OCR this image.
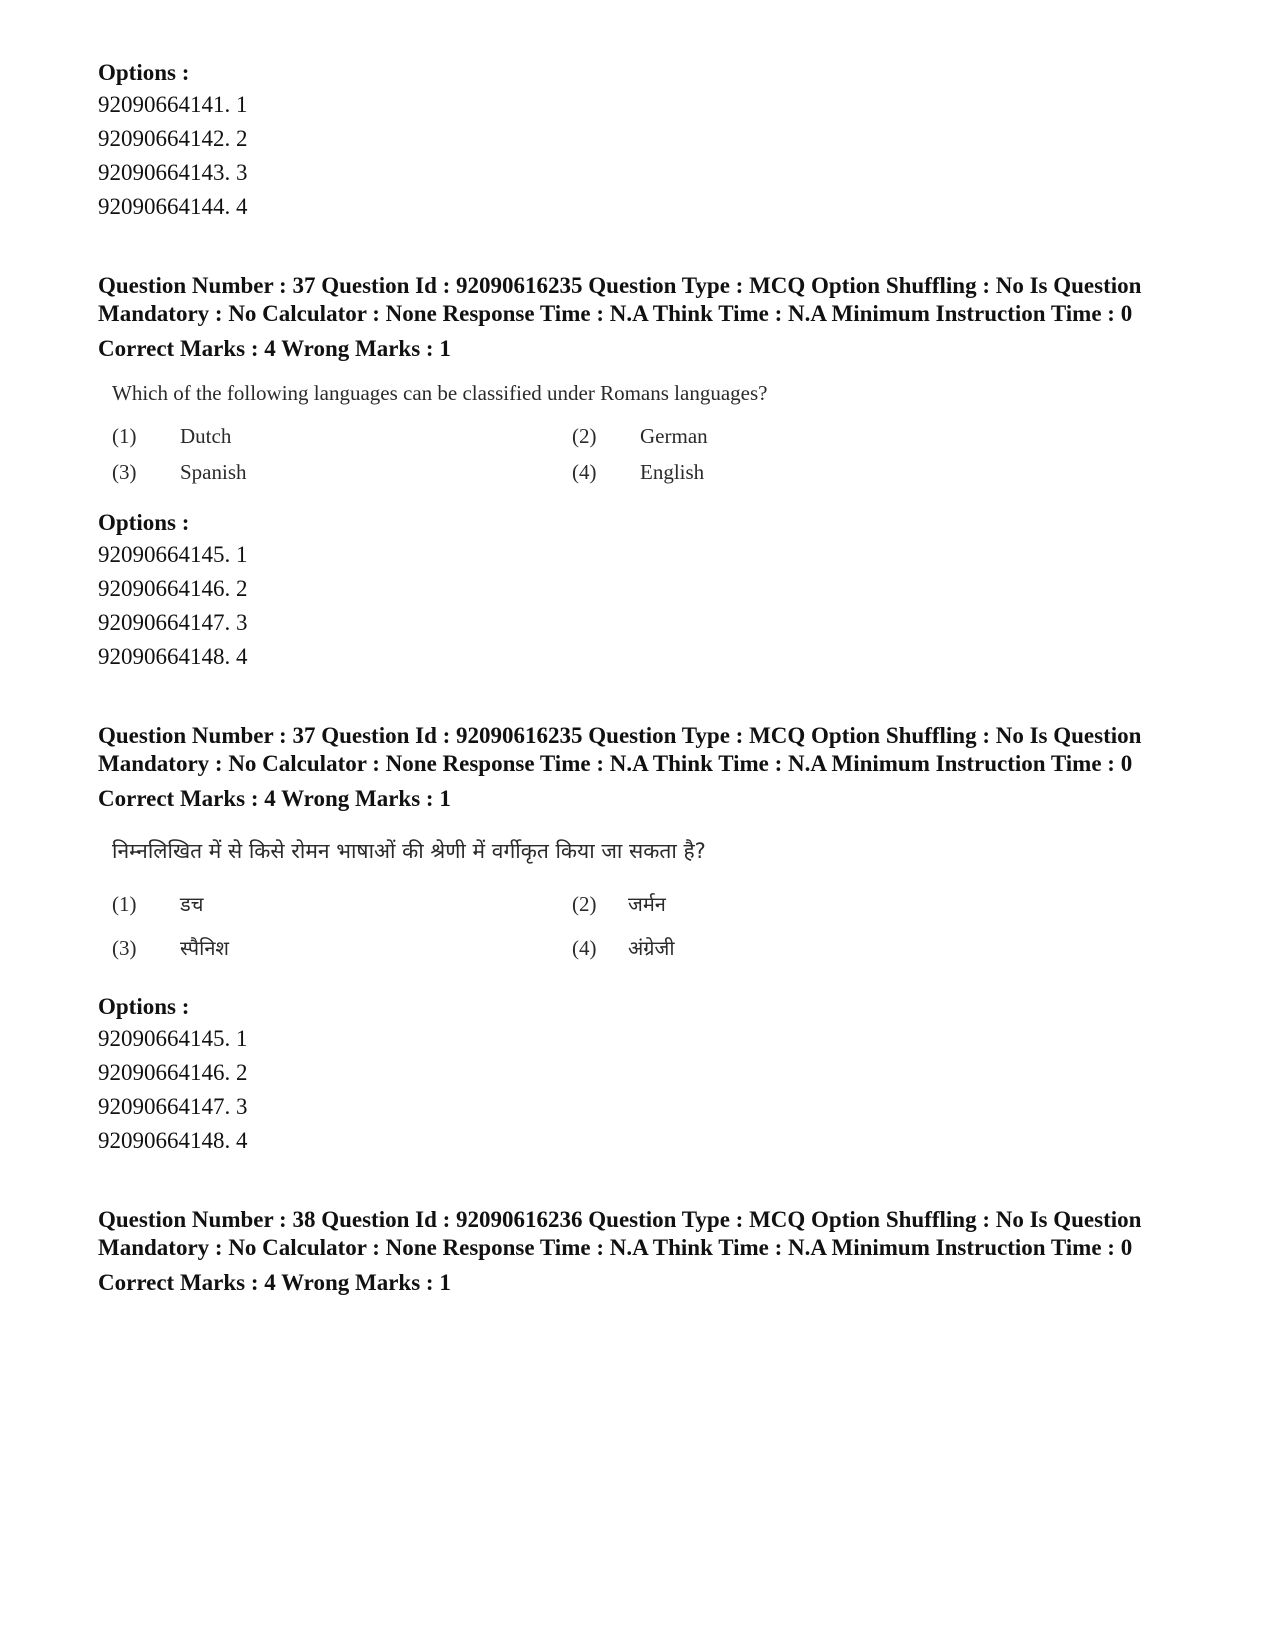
Options :
92090664141. 1
92090664142. 2
92090664143. 3
92090664144. 4
Question Number : 37 Question Id : 92090616235 Question Type : MCQ Option Shuffling : No Is Question Mandatory : No Calculator : None Response Time : N.A Think Time : N.A Minimum Instruction Time : 0
Correct Marks : 4 Wrong Marks : 1
Which of the following languages can be classified under Romans languages?
(1)	Dutch	(2)	German
(3)	Spanish	(4)	English
Options :
92090664145. 1
92090664146. 2
92090664147. 3
92090664148. 4
Question Number : 37 Question Id : 92090616235 Question Type : MCQ Option Shuffling : No Is Question Mandatory : No Calculator : None Response Time : N.A Think Time : N.A Minimum Instruction Time : 0
Correct Marks : 4 Wrong Marks : 1
निम्नलिखित में से किसे रोमन भाषाओं की श्रेणी में वर्गीकृत किया जा सकता है?
(1)	डच	(2)	जर्मन
(3)	स्पैनिश	(4)	अंग्रेजी
Options :
92090664145. 1
92090664146. 2
92090664147. 3
92090664148. 4
Question Number : 38 Question Id : 92090616236 Question Type : MCQ Option Shuffling : No Is Question Mandatory : No Calculator : None Response Time : N.A Think Time : N.A Minimum Instruction Time : 0
Correct Marks : 4 Wrong Marks : 1
